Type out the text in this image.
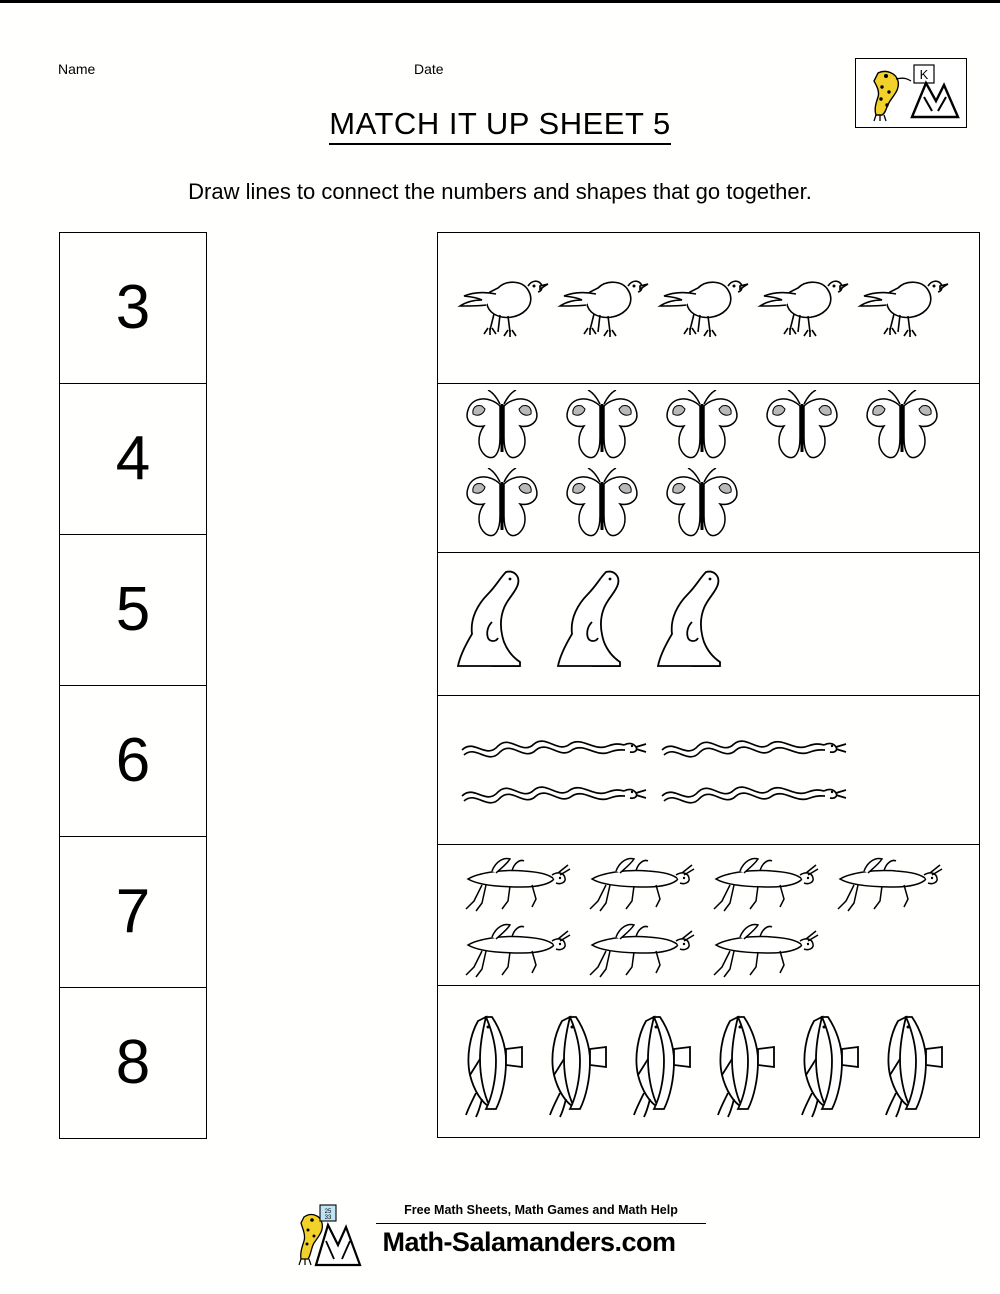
Name	Date	K
MATCH IT UP SHEET 5
Draw lines to connect the numbers and shapes that go together.
3
4
5
6
7
8
25
33
Free Math Sheets, Math Games and Math Help
Math-Salamanders.com
